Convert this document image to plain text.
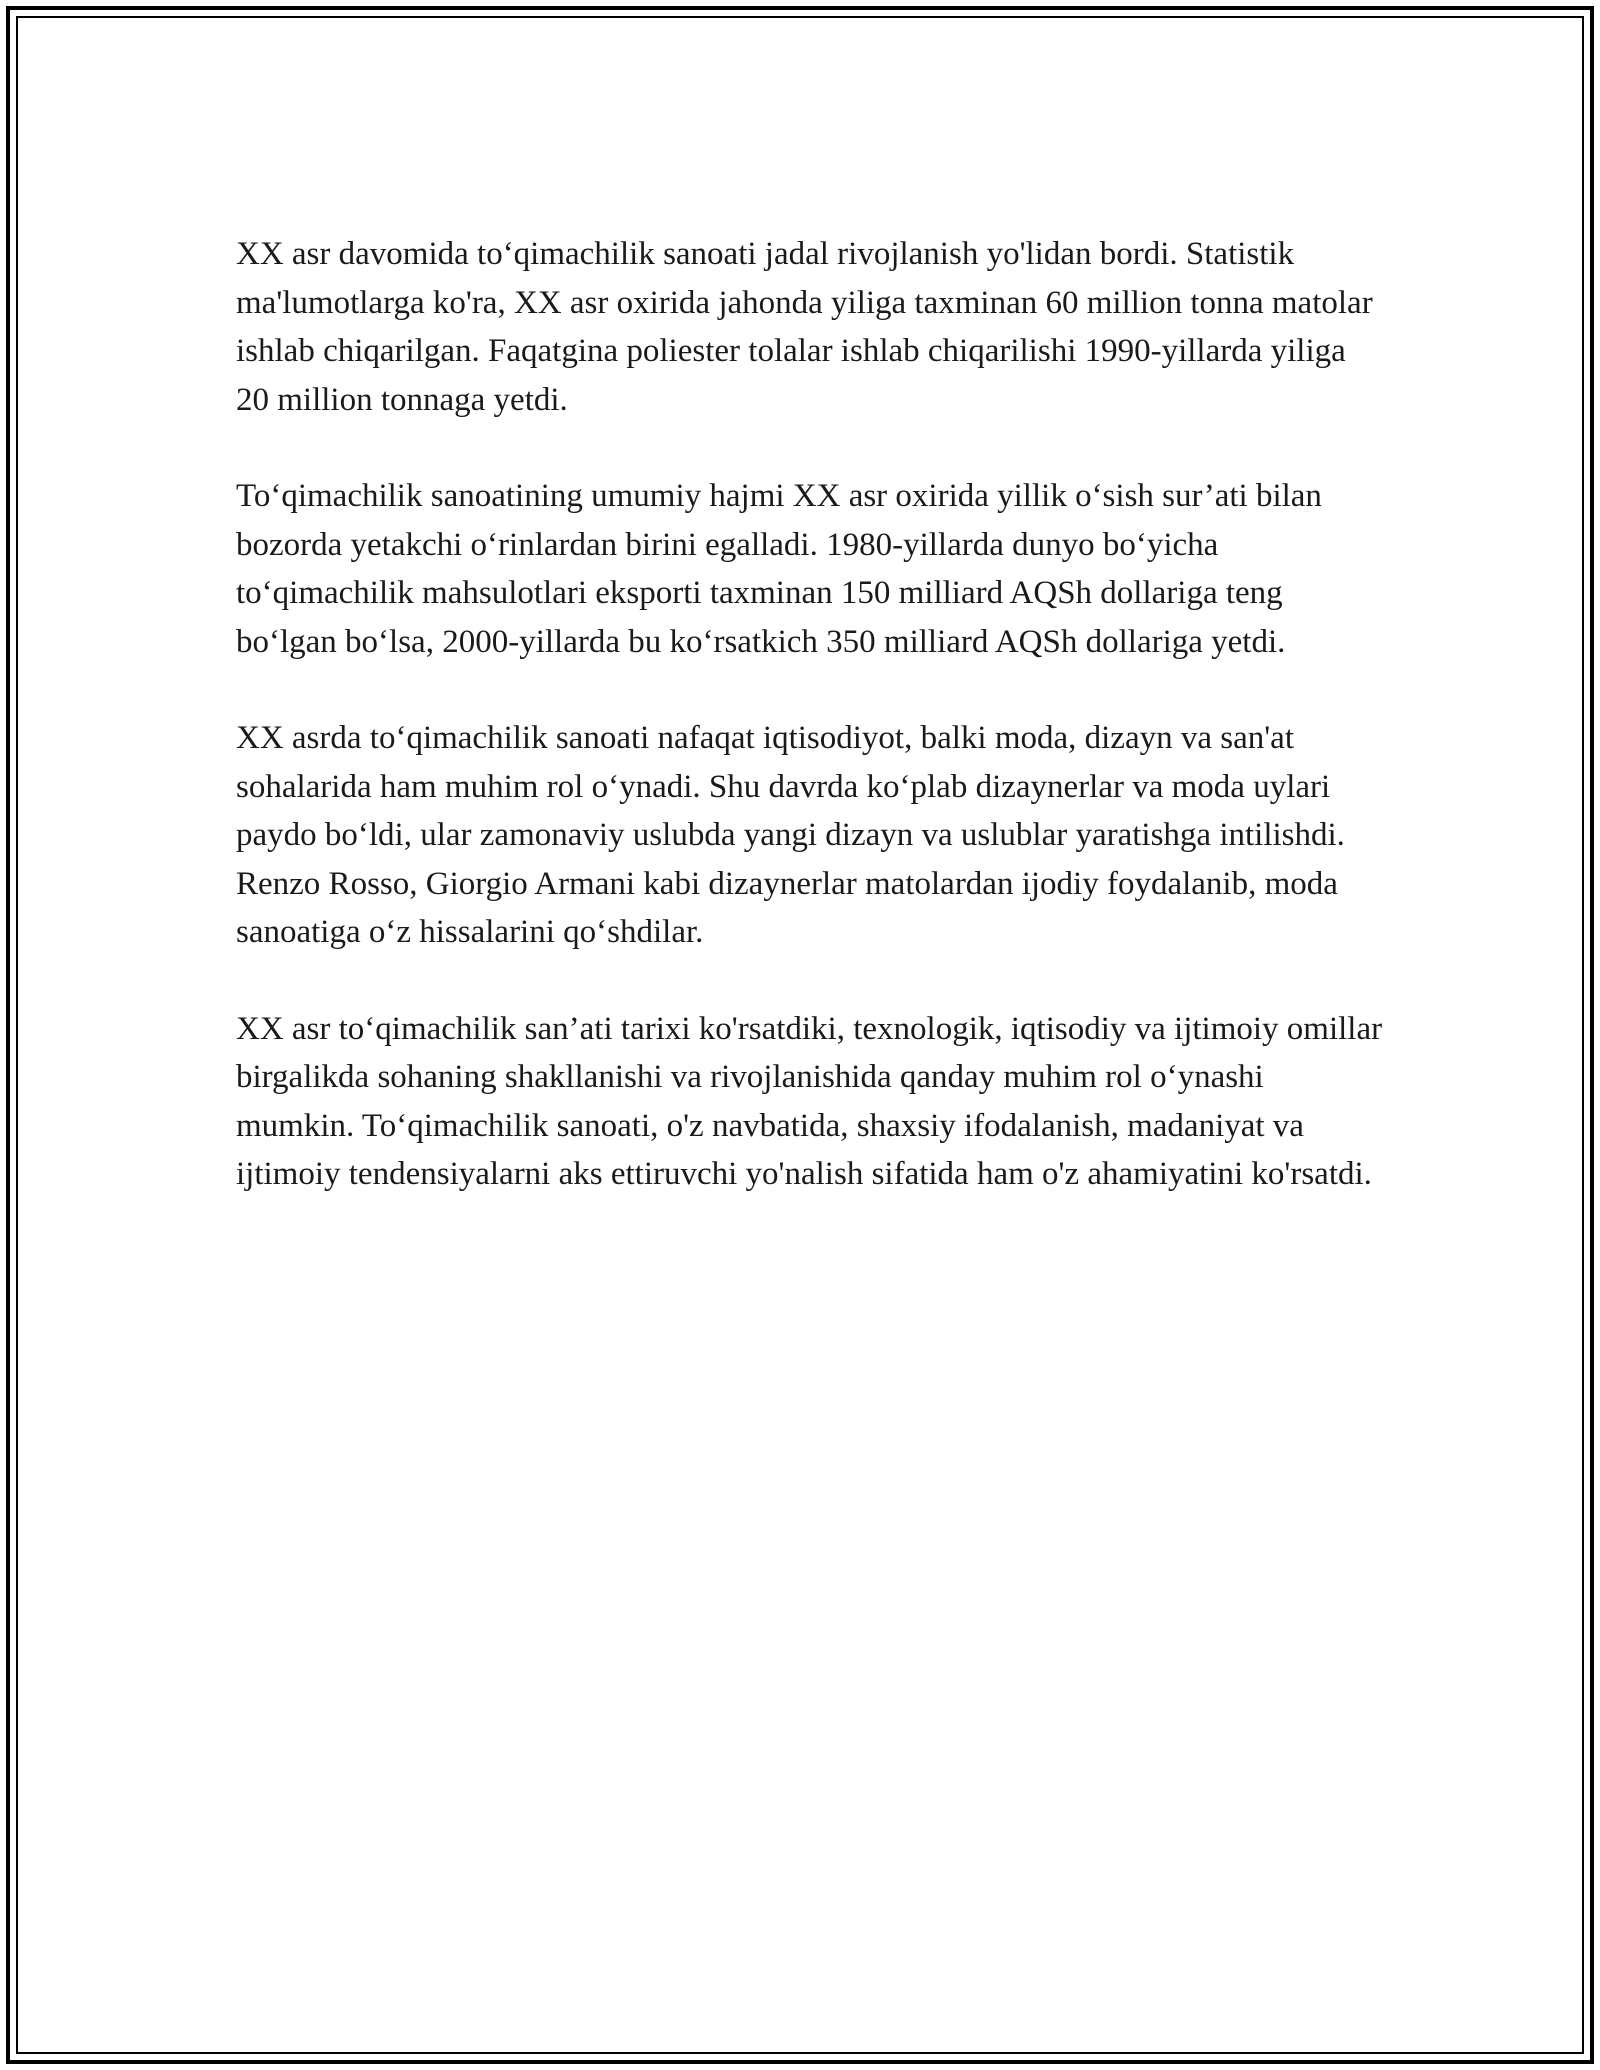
XX asr davomida to‘qimachilik sanoati jadal rivojlanish yo'lidan bordi. Statistik ma'lumotlarga ko'ra, XX asr oxirida jahonda yiliga taxminan 60 million tonna matolar ishlab chiqarilgan. Faqatgina poliester tolalar ishlab chiqarilishi 1990-yillarda yiliga 20 million tonnaga yetdi.

To‘qimachilik sanoatining umumiy hajmi XX asr oxirida yillik o‘sish sur’ati bilan bozorda yetakchi o‘rinlardan birini egalladi. 1980-yillarda dunyo bo‘yicha to‘qimachilik mahsulotlari eksporti taxminan 150 milliard AQSh dollariga teng bo‘lgan bo‘lsa, 2000-yillarda bu ko‘rsatkich 350 milliard AQSh dollariga yetdi.

XX asrda to‘qimachilik sanoati nafaqat iqtisodiyot, balki moda, dizayn va san'at sohalarida ham muhim rol o‘ynadi. Shu davrda ko‘plab dizaynerlar va moda uylari paydo bo‘ldi, ular zamonaviy uslubda yangi dizayn va uslublar yaratishga intilishdi. Renzo Rosso, Giorgio Armani kabi dizaynerlar matolardan ijodiy foydalanib, moda sanoatiga o‘z hissalarini qo‘shdilar.

XX asr to‘qimachilik san’ati tarixi ko'rsatdiki, texnologik, iqtisodiy va ijtimoiy omillar birgalikda sohaning shakllanishi va rivojlanishida qanday muhim rol o‘ynashi mumkin. To‘qimachilik sanoati, o'z navbatida, shaxsiy ifodalanish, madaniyat va ijtimoiy tendensiyalarni aks ettiruvchi yo'nalish sifatida ham o'z ahamiyatini ko'rsatdi.
